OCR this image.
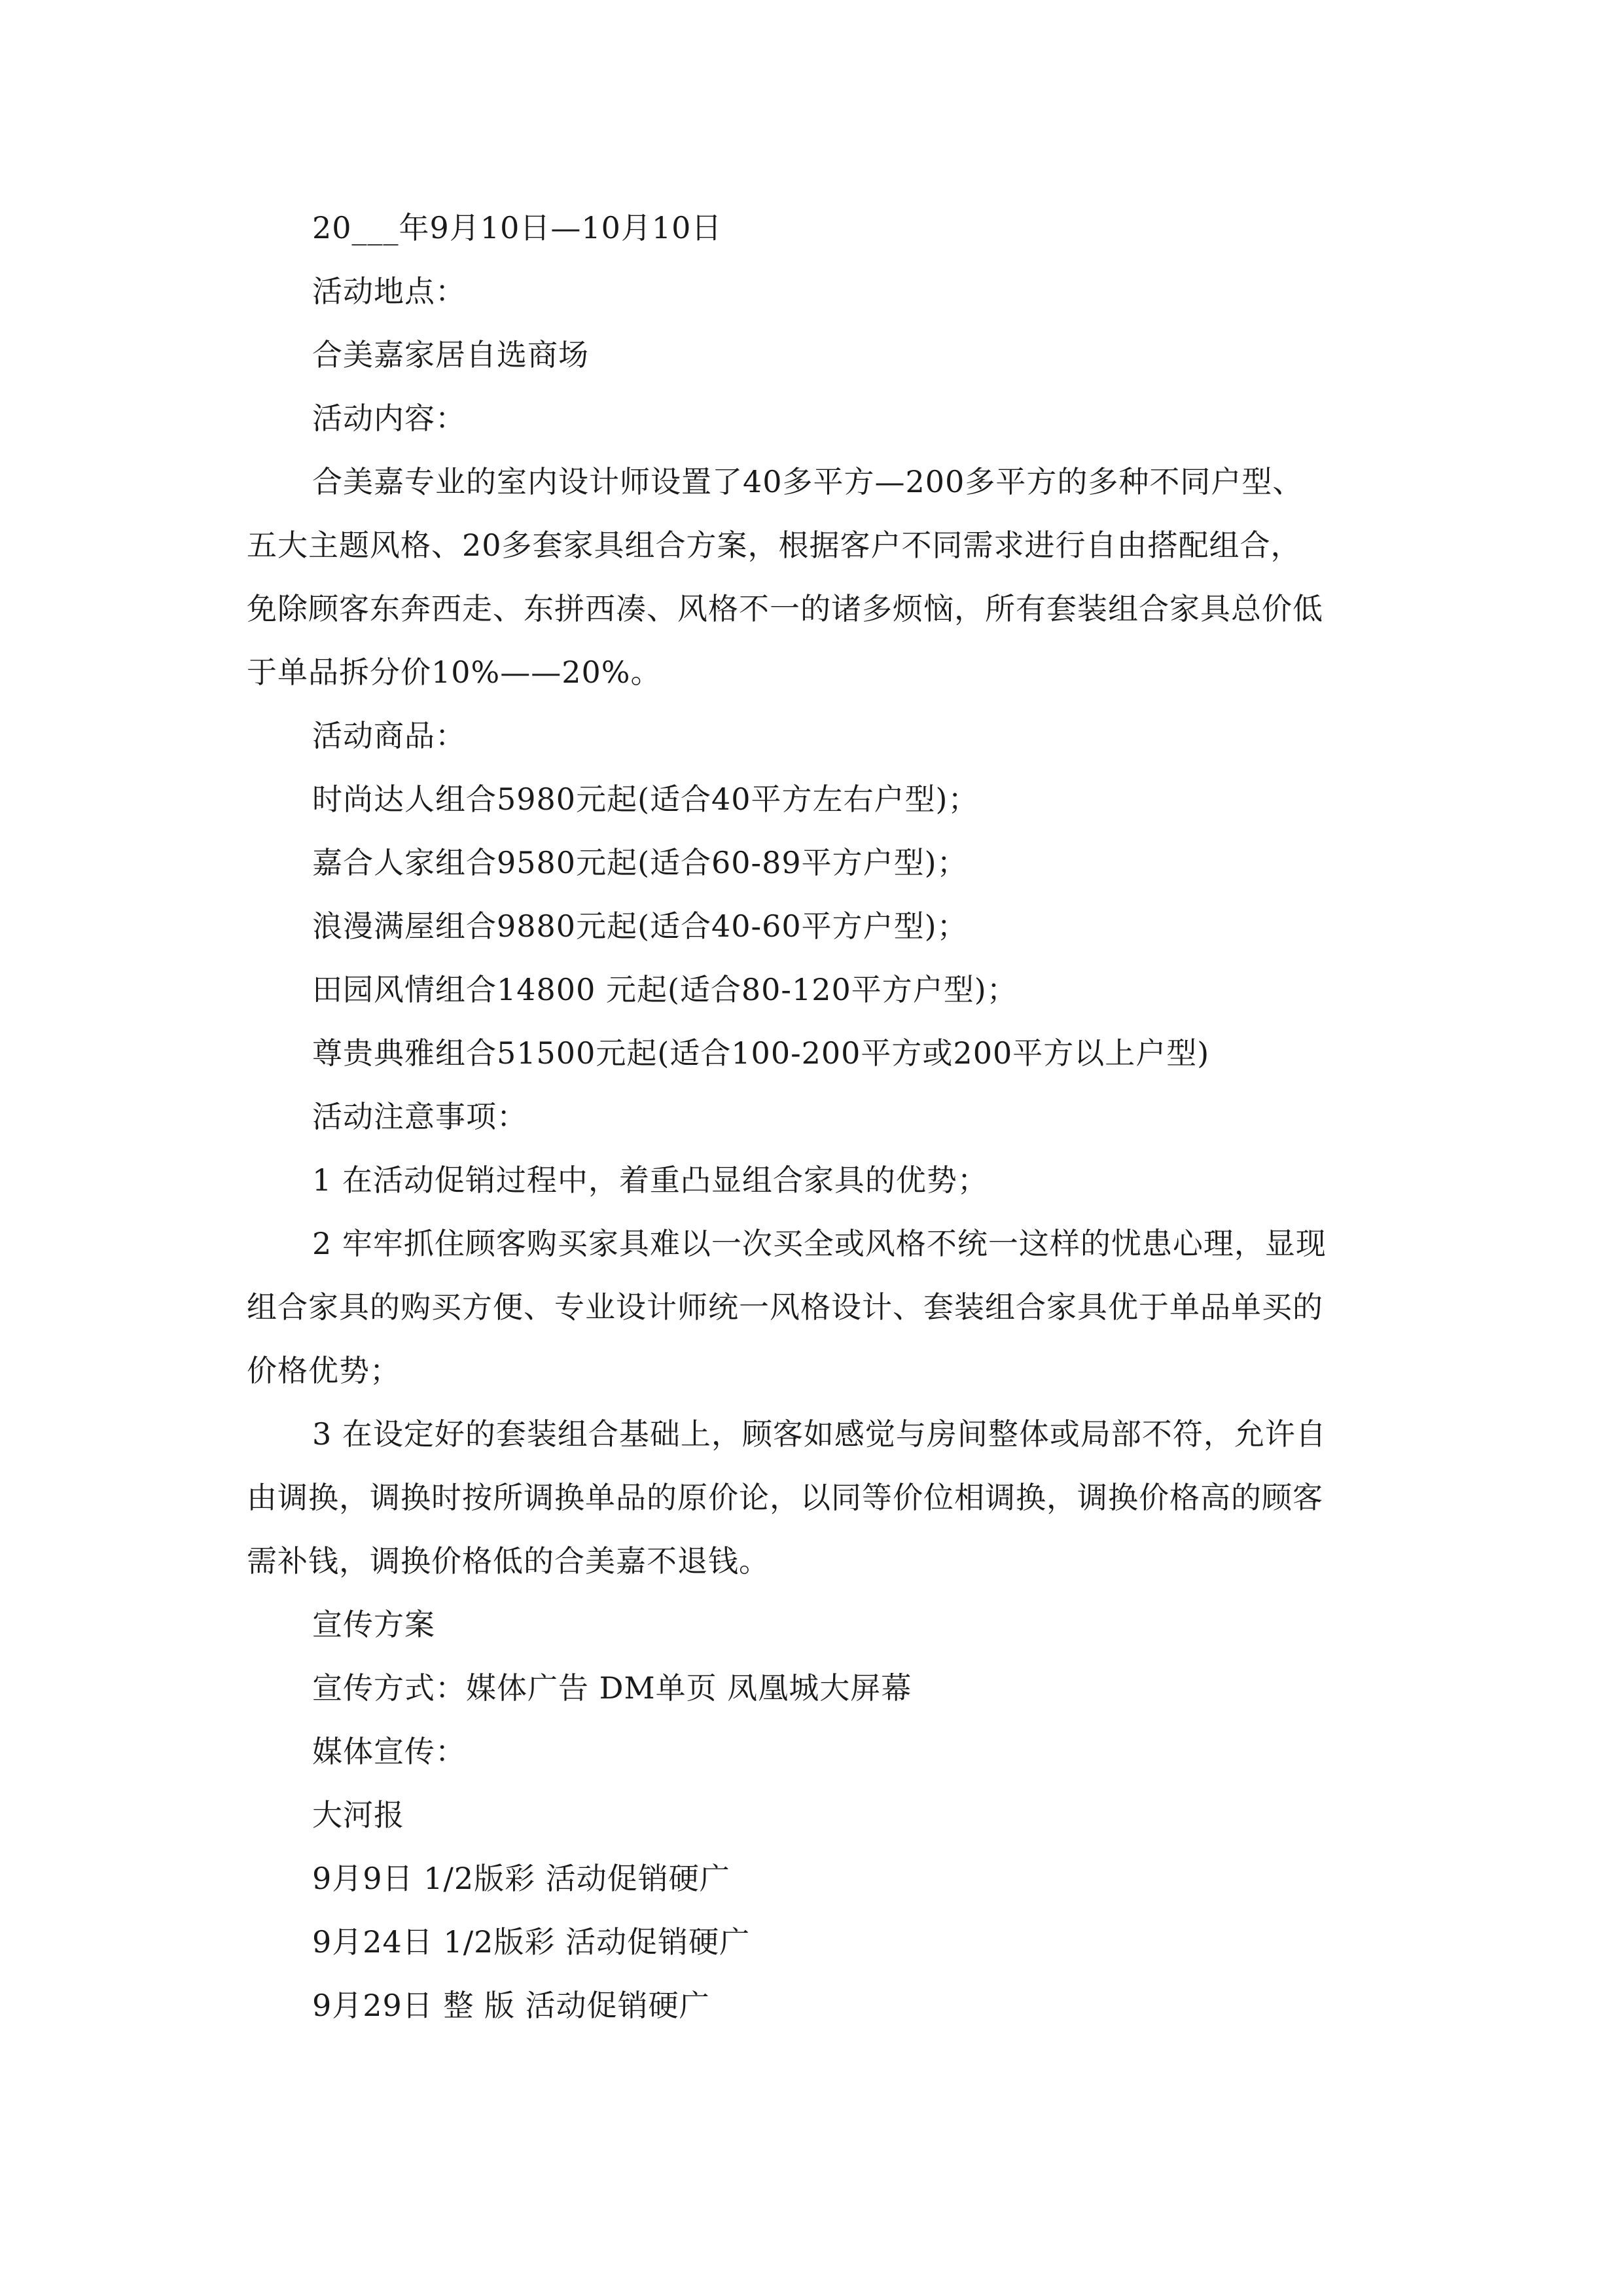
20___年9月10日—10月10日

活动地点：

合美嘉家居自选商场

活动内容：

合美嘉专业的室内设计师设置了40多平方—200多平方的多种不同户型、
五大主题风格、20多套家具组合方案，根据客户不同需求进行自由搭配组合，
免除顾客东奔西走、东拼西凑、风格不一的诸多烦恼，所有套装组合家具总价低
于单品拆分价10%——20%。

活动商品：

时尚达人组合5980元起(适合40平方左右户型)；

嘉合人家组合9580元起(适合60-89平方户型)；

浪漫满屋组合9880元起(适合40-60平方户型)；

田园风情组合14800 元起(适合80-120平方户型)；

尊贵典雅组合51500元起(适合100-200平方或200平方以上户型)

活动注意事项：

1 在活动促销过程中，着重凸显组合家具的优势；

2 牢牢抓住顾客购买家具难以一次买全或风格不统一这样的忧患心理，显现
组合家具的购买方便、专业设计师统一风格设计、套装组合家具优于单品单买的
价格优势；
3 在设定好的套装组合基础上，顾客如感觉与房间整体或局部不符，允许自
由调换，调换时按所调换单品的原价论，以同等价位相调换，调换价格高的顾客
需补钱，调换价格低的合美嘉不退钱。

宣传方案

宣传方式：媒体广告 DM单页 凤凰城大屏幕

媒体宣传：

大河报

9月9日 1/2版彩 活动促销硬广

9月24日 1/2版彩 活动促销硬广

9月29日 整 版 活动促销硬广
